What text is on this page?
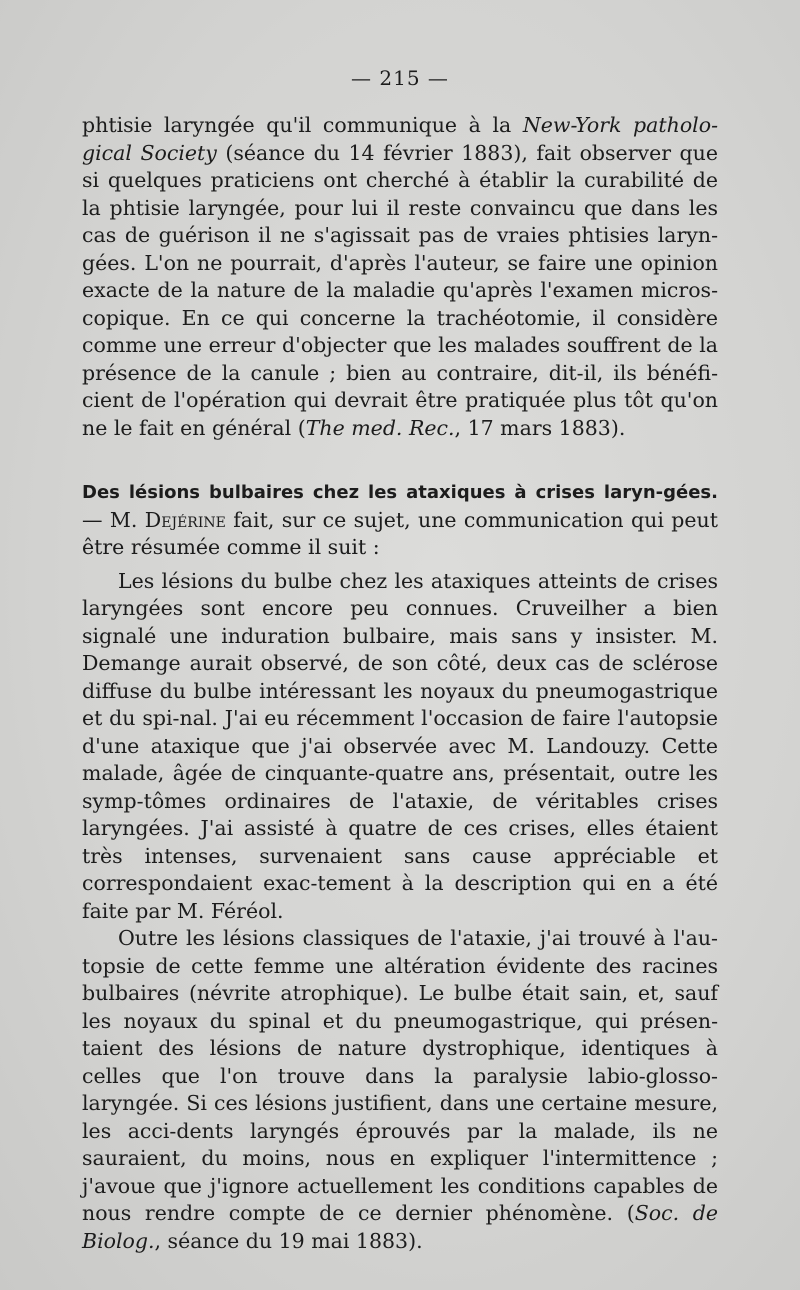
— 215 —

phtisie laryngée qu'il communique à la New-York patholo-gical Society (séance du 14 février 1883), fait observer que si quelques praticiens ont cherché à établir la curabilité de la phtisie laryngée, pour lui il reste convaincu que dans les cas de guérison il ne s'agissait pas de vraies phtisies laryn-gées. L'on ne pourrait, d'après l'auteur, se faire une opinion exacte de la nature de la maladie qu'après l'examen micros-copique. En ce qui concerne la trachéotomie, il considère comme une erreur d'objecter que les malades souffrent de la présence de la canule ; bien au contraire, dit-il, ils bénéfi-cient de l'opération qui devrait être pratiquée plus tôt qu'on ne le fait en général (The med. Rec., 17 mars 1883).

Des lésions bulbaires chez les ataxiques à crises laryn-gées. — M. Dejérine fait, sur ce sujet, une communication qui peut être résumée comme il suit :

Les lésions du bulbe chez les ataxiques atteints de crises laryngées sont encore peu connues. Cruveilher a bien signalé une induration bulbaire, mais sans y insister. M. Demange aurait observé, de son côté, deux cas de sclérose diffuse du bulbe intéressant les noyaux du pneumogastrique et du spi-nal. J'ai eu récemment l'occasion de faire l'autopsie d'une ataxique que j'ai observée avec M. Landouzy. Cette malade, âgée de cinquante-quatre ans, présentait, outre les symp-tômes ordinaires de l'ataxie, de véritables crises laryngées. J'ai assisté à quatre de ces crises, elles étaient très intenses, survenaient sans cause appréciable et correspondaient exac-tement à la description qui en a été faite par M. Féréol.

Outre les lésions classiques de l'ataxie, j'ai trouvé à l'au-topsie de cette femme une altération évidente des racines bulbaires (névrite atrophique). Le bulbe était sain, et, sauf les noyaux du spinal et du pneumogastrique, qui présen-taient des lésions de nature dystrophique, identiques à celles que l'on trouve dans la paralysie labio-glosso-laryngée. Si ces lésions justifient, dans une certaine mesure, les acci-dents laryngés éprouvés par la malade, ils ne sauraient, du moins, nous en expliquer l'intermittence ; j'avoue que j'ignore actuellement les conditions capables de nous rendre compte de ce dernier phénomène. (Soc. de Biolog., séance du 19 mai 1883).
